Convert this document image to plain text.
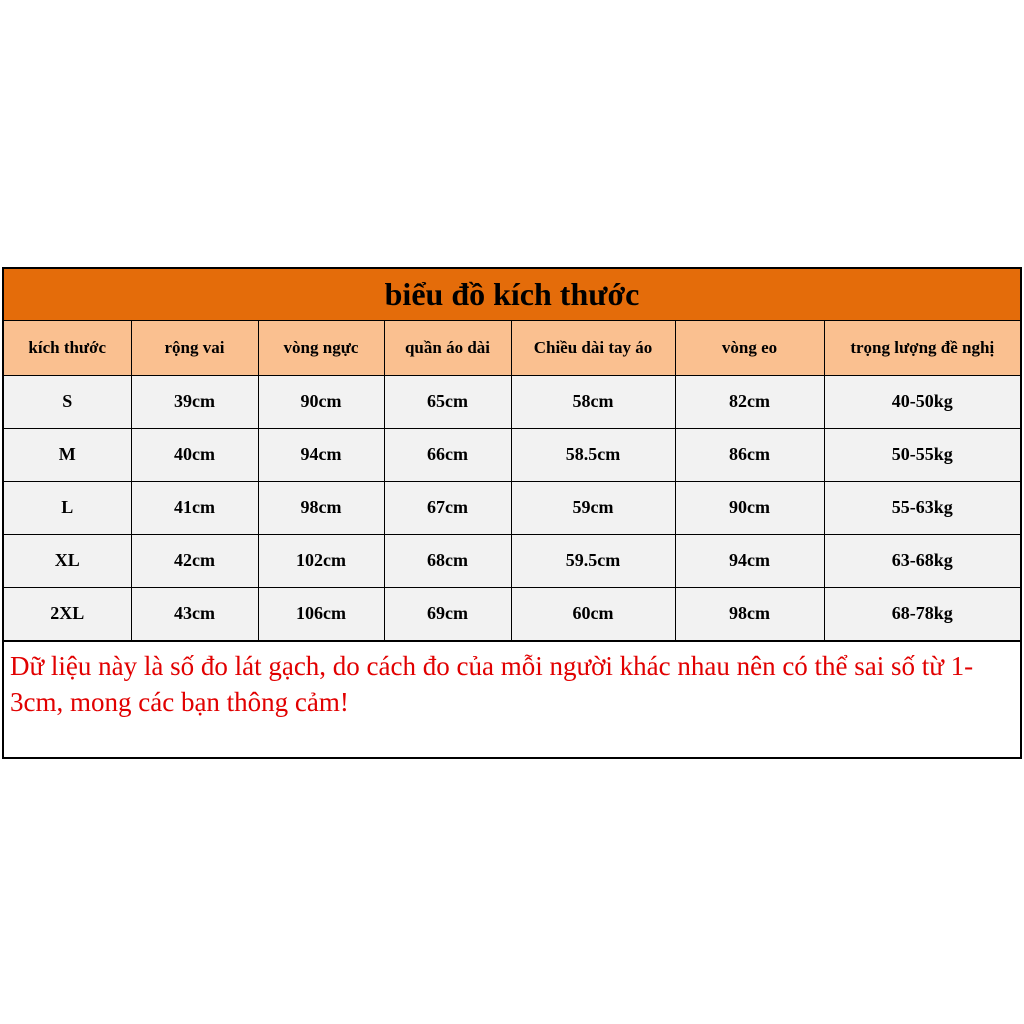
biểu đồ kích thước
kích thước	rộng vai	vòng ngực	quần áo dài	Chiều dài tay áo	vòng eo	trọng lượng đề nghị
S	39cm	90cm	65cm	58cm	82cm	40-50kg
M	40cm	94cm	66cm	58.5cm	86cm	50-55kg
L	41cm	98cm	67cm	59cm	90cm	55-63kg
XL	42cm	102cm	68cm	59.5cm	94cm	63-68kg
2XL	43cm	106cm	69cm	60cm	98cm	68-78kg
Dữ liệu này là số đo lát gạch, do cách đo của mỗi người khác nhau nên có thể sai số từ 1-3cm, mong các bạn thông cảm!
